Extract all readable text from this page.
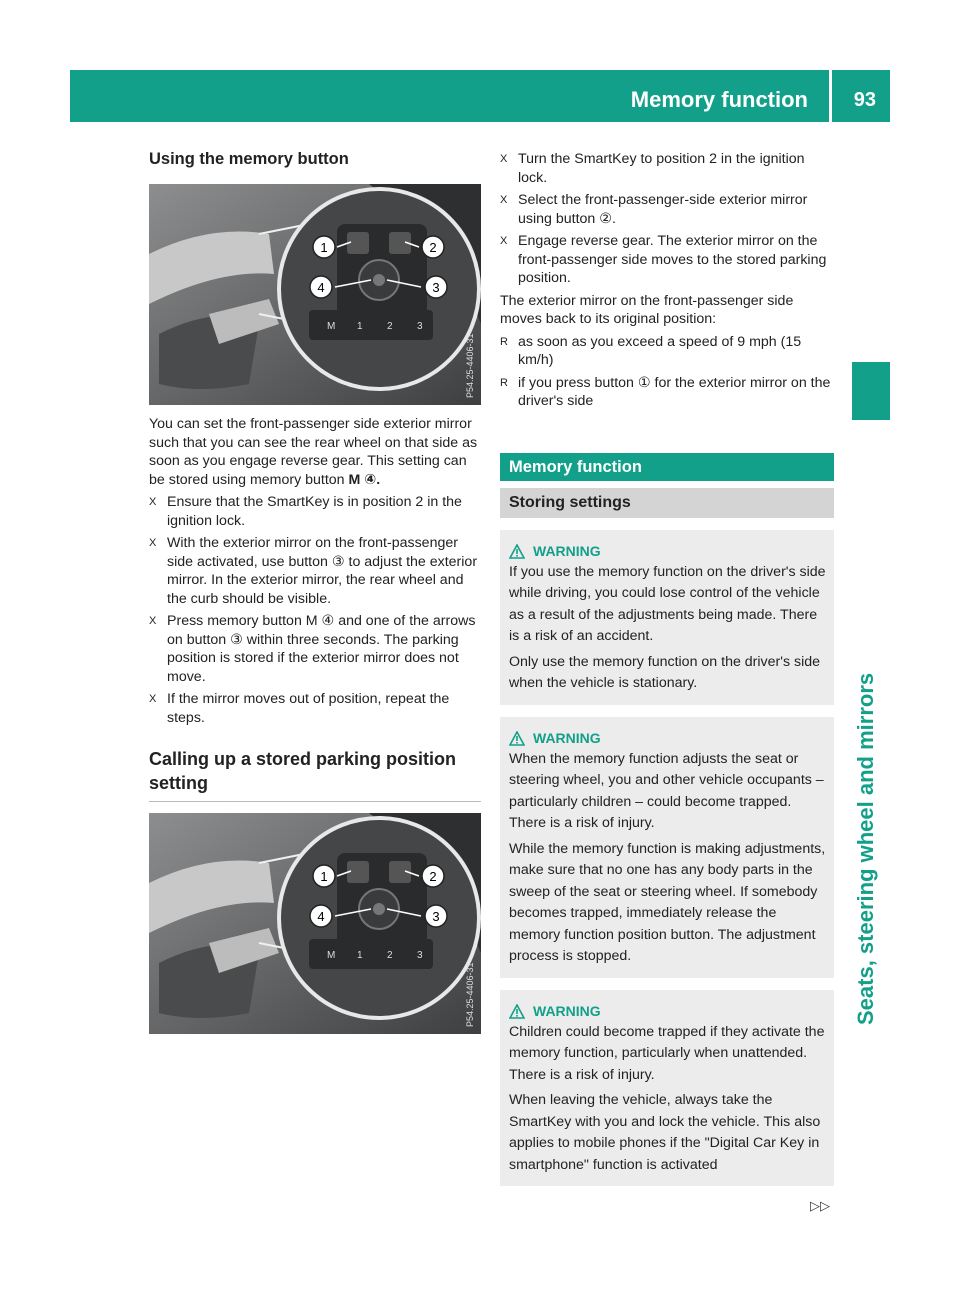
Memory function	93
Seats, steering wheel and mirrors
Using the memory button
M 1 2 3
1	2
3
4
P54.25-4406-31

You can set the front-passenger side exterior mirror such that you can see the rear wheel on that side as soon as you engage reverse gear. This setting can be stored using memory button M ④.

X Ensure that the SmartKey is in position 2 in the ignition lock.
X With the exterior mirror on the front-passenger side activated, use button ③ to adjust the exterior mirror. In the exterior mirror, the rear wheel and the curb should be visible.
X Press memory button M ④ and one of the arrows on button ③ within three seconds. The parking position is stored if the exterior mirror does not move.
X If the mirror moves out of position, repeat the steps.
Calling up a stored parking position setting
M 1 2 3
1	2
3
4
P54.25-4406-31
X Turn the SmartKey to position 2 in the ignition lock.
X Select the front-passenger-side exterior mirror using button ②.
X Engage reverse gear. The exterior mirror on the front-passenger side moves to the stored parking position.

The exterior mirror on the front-passenger side moves back to its original position:

R as soon as you exceed a speed of 9 mph (15 km/h)
R if you press button ① for the exterior mirror on the driver's side
Memory function
Storing settings
WARNING

If you use the memory function on the driver's side while driving, you could lose control of the vehicle as a result of the adjustments being made. There is a risk of an accident.

Only use the memory function on the driver's side when the vehicle is stationary.

WARNING

When the memory function adjusts the seat or steering wheel, you and other vehicle occupants – particularly children – could become trapped. There is a risk of injury.

While the memory function is making adjustments, make sure that no one has any body parts in the sweep of the seat or steering wheel. If somebody becomes trapped, immediately release the memory function position button. The adjustment process is stopped.

WARNING

Children could become trapped if they activate the memory function, particularly when unattended. There is a risk of injury.

When leaving the vehicle, always take the SmartKey with you and lock the vehicle. This also applies to mobile phones if the "Digital Car Key in smartphone" function is activated

▷▷
